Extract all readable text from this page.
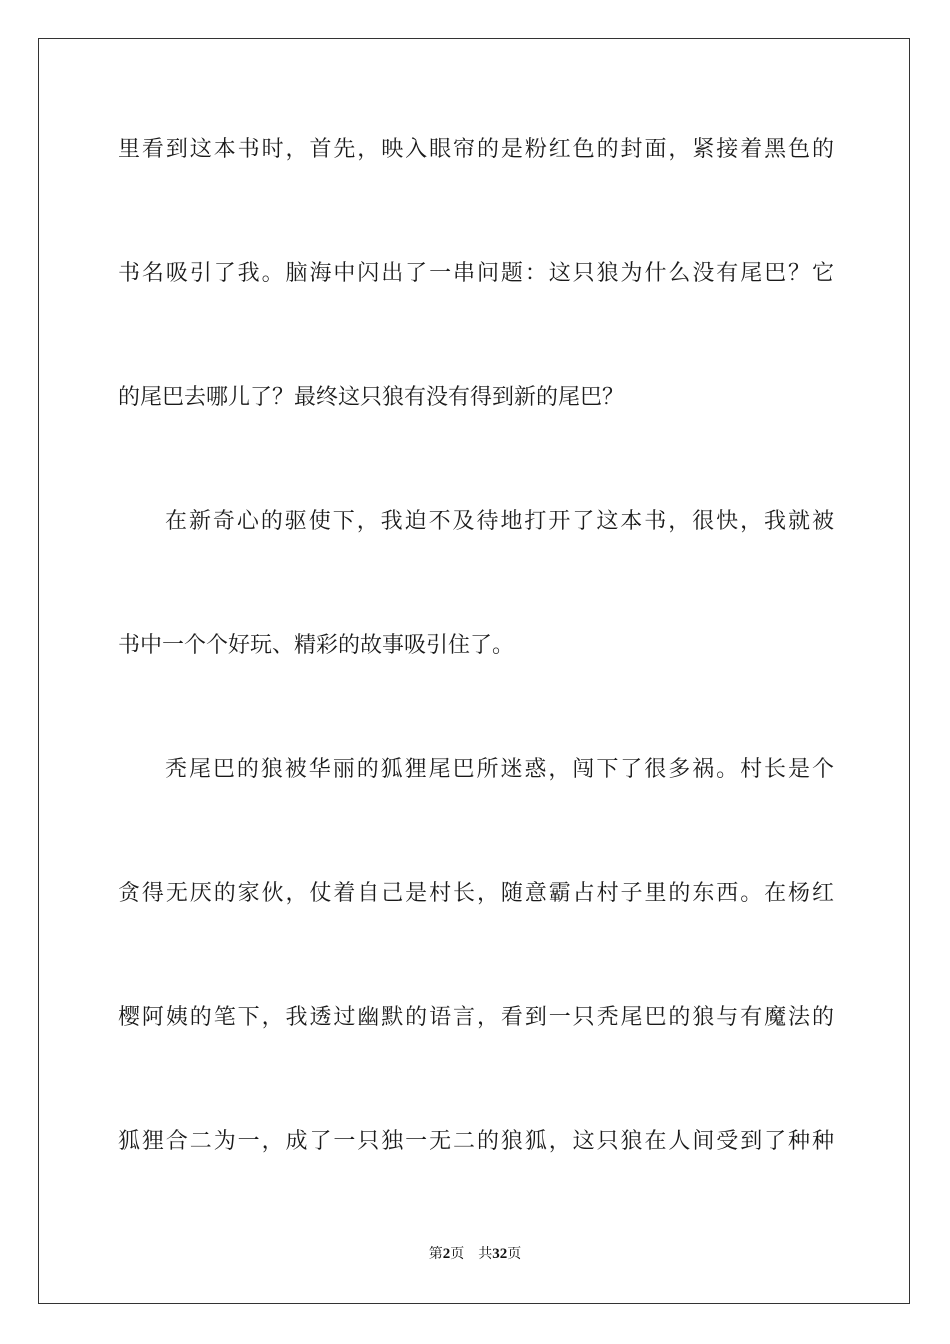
里看到这本书时，首先，映入眼帘的是粉红色的封面，紧接着黑色的
书名吸引了我。脑海中闪出了一串问题：这只狼为什么没有尾巴？它
的尾巴去哪儿了？最终这只狼有没有得到新的尾巴？
在新奇心的驱使下，我迫不及待地打开了这本书，很快，我就被
书中一个个好玩、精彩的故事吸引住了。
秃尾巴的狼被华丽的狐狸尾巴所迷惑，闯下了很多祸。村长是个
贪得无厌的家伙，仗着自己是村长，随意霸占村子里的东西。在杨红
樱阿姨的笔下，我透过幽默的语言，看到一只秃尾巴的狼与有魔法的
狐狸合二为一，成了一只独一无二的狼狐，这只狼在人间受到了种种
第2页 共32页
